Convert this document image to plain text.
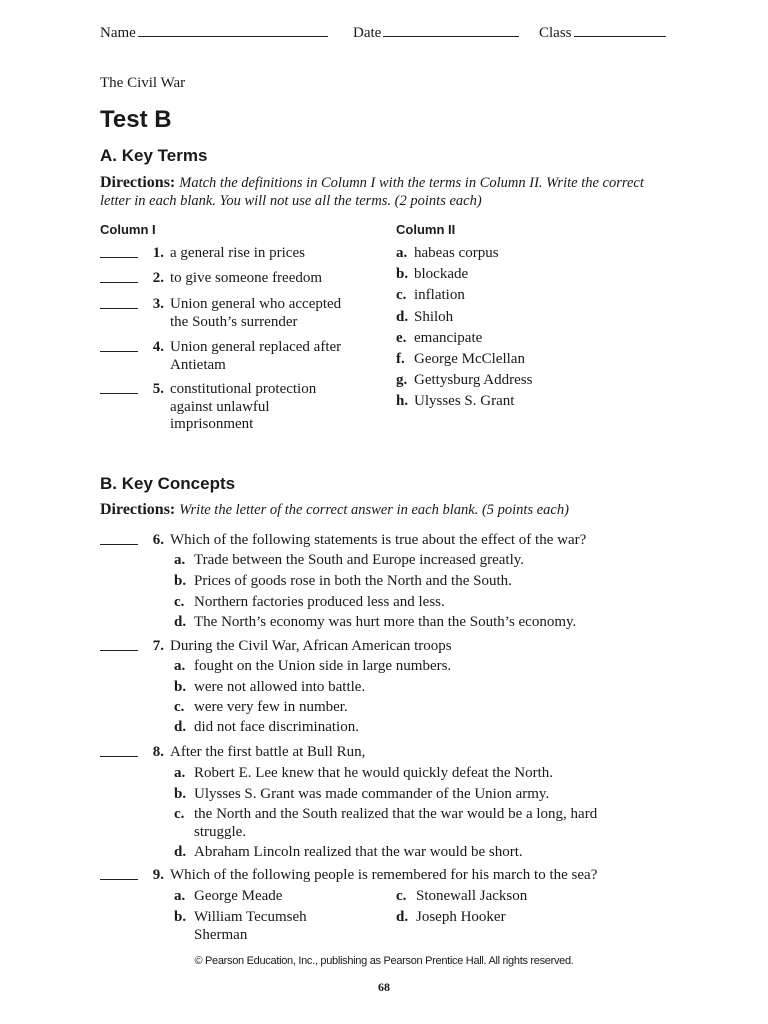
Name	Date	Class
The Civil War
Test B
A. Key Terms
Directions: Match the definitions in Column I with the terms in Column II. Write the correct
letter in each blank. You will not use all the terms. (2 points each)
Column I	Column II
1. a general rise in prices
2. to give someone freedom
3. Union general who accepted
the South’s surrender
4. Union general replaced after
Antietam
5. constitutional protection
against unlawful
imprisonment
a. habeas corpus
b. blockade
c. inflation
d. Shiloh
e. emancipate
f. George McClellan
g. Gettysburg Address
h. Ulysses S. Grant
B. Key Concepts
Directions: Write the letter of the correct answer in each blank. (5 points each)
6. Which of the following statements is true about the effect of the war?
a. Trade between the South and Europe increased greatly.
b. Prices of goods rose in both the North and the South.
c. Northern factories produced less and less.
d. The North’s economy was hurt more than the South’s economy.
7. During the Civil War, African American troops
a. fought on the Union side in large numbers.
b. were not allowed into battle.
c. were very few in number.
d. did not face discrimination.
8. After the first battle at Bull Run,
a. Robert E. Lee knew that he would quickly defeat the North.
b. Ulysses S. Grant was made commander of the Union army.
c. the North and the South realized that the war would be a long, hard
struggle.
d. Abraham Lincoln realized that the war would be short.
9. Which of the following people is remembered for his march to the sea?
a. George Meade
b. William Tecumseh
Sherman
c. Stonewall Jackson
d. Joseph Hooker
© Pearson Education, Inc., publishing as Pearson Prentice Hall. All rights reserved.
68
